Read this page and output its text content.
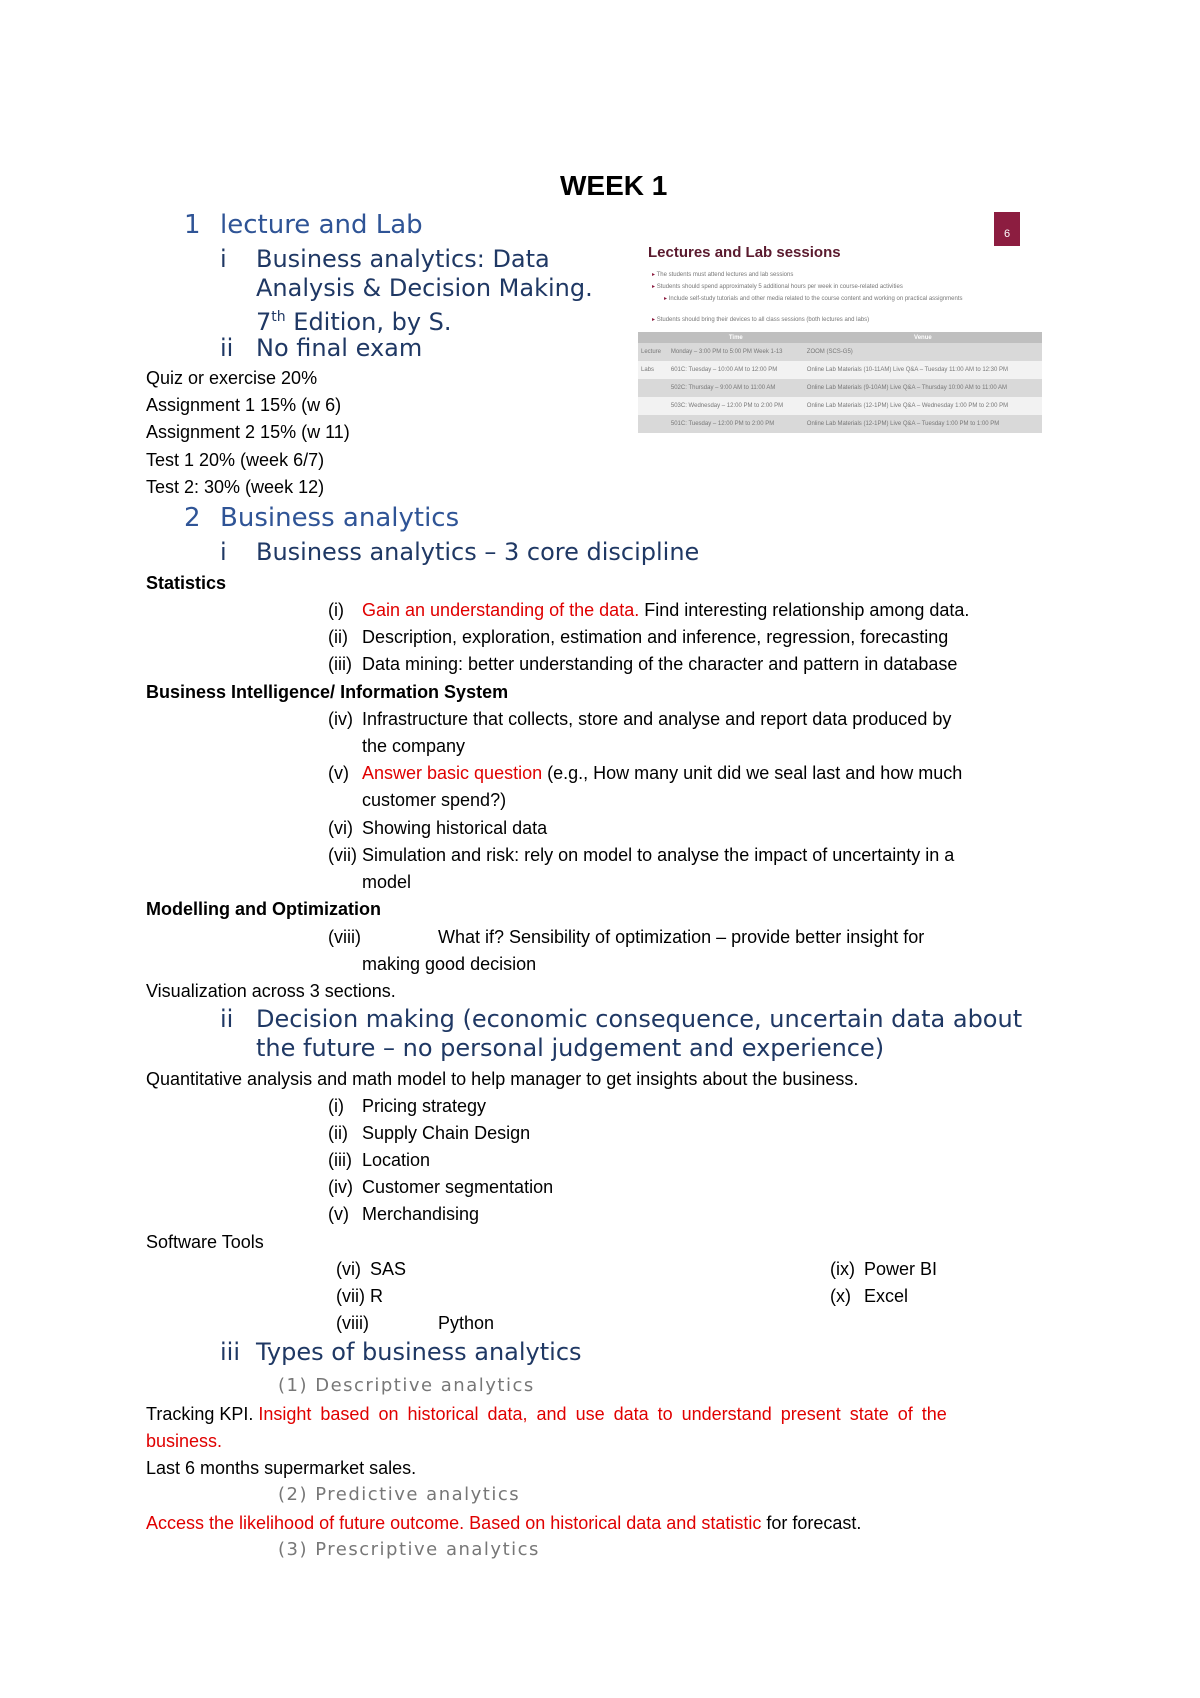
WEEK 1
1 lecture and Lab
i Business analytics: Data
Analysis & Decision Making.
7th Edition, by S.
ii No final exam
Quiz or exercise 20%
Assignment 1 15% (w 6)
Assignment 2 15% (w 11)
Test 1 20% (week 6/7)
Test 2: 30% (week 12)
6
Lectures and Lab sessions
▸ The students must attend lectures and lab sessions
▸ Students should spend approximately 5 additional hours per week in course-related activities
▸ Include self-study tutorials and other media related to the course content and working on practical assignments
▸ Students should bring their devices to all class sessions (both lectures and labs)
	Time	Venue
Lecture	Monday – 3:00 PM to 5:00 PM Week 1-13	ZOOM (SCS-G5)
Labs	601C: Tuesday – 10:00 AM to 12:00 PM	Online Lab Materials (10-11AM) Live Q&A – Tuesday 11:00 AM to 12:30 PM
	502C: Thursday – 9:00 AM to 11:00 AM	Online Lab Materials (9-10AM) Live Q&A – Thursday 10:00 AM to 11:00 AM
	503C: Wednesday – 12:00 PM to 2:00 PM	Online Lab Materials (12-1PM) Live Q&A – Wednesday 1:00 PM to 2:00 PM
	501C: Tuesday – 12:00 PM to 2:00 PM	Online Lab Materials (12-1PM) Live Q&A – Tuesday 1:00 PM to 1:00 PM
2 Business analytics
i Business analytics – 3 core discipline
Statistics
(i) Gain an understanding of the data. Find interesting relationship among data.
(ii) Description, exploration, estimation and inference, regression, forecasting
(iii) Data mining: better understanding of the character and pattern in database
Business Intelligence/ Information System
(iv) Infrastructure that collects, store and analyse and report data produced by
the company
(v) Answer basic question (e.g., How many unit did we seal last and how much
customer spend?)
(vi) Showing historical data
(vii) Simulation and risk: rely on model to analyse the impact of uncertainty in a
model
Modelling and Optimization
(viii)	What if? Sensibility of optimization – provide better insight for
making good decision
Visualization across 3 sections.
ii Decision making (economic consequence, uncertain data about
the future – no personal judgement and experience)
Quantitative analysis and math model to help manager to get insights about the business.
(i) Pricing strategy
(ii) Supply Chain Design
(iii) Location
(iv) Customer segmentation
(v) Merchandising
Software Tools
(vi) SAS
(vii) R
(viii)	Python
(ix) Power BI
(x) Excel
iii Types of business analytics
(1) Descriptive analytics
Tracking KPI. Insight based on historical data, and use data to understand present state of the
business.
Last 6 months supermarket sales.
(2) Predictive analytics
Access the likelihood of future outcome. Based on historical data and statistic for forecast.
(3) Prescriptive analytics
